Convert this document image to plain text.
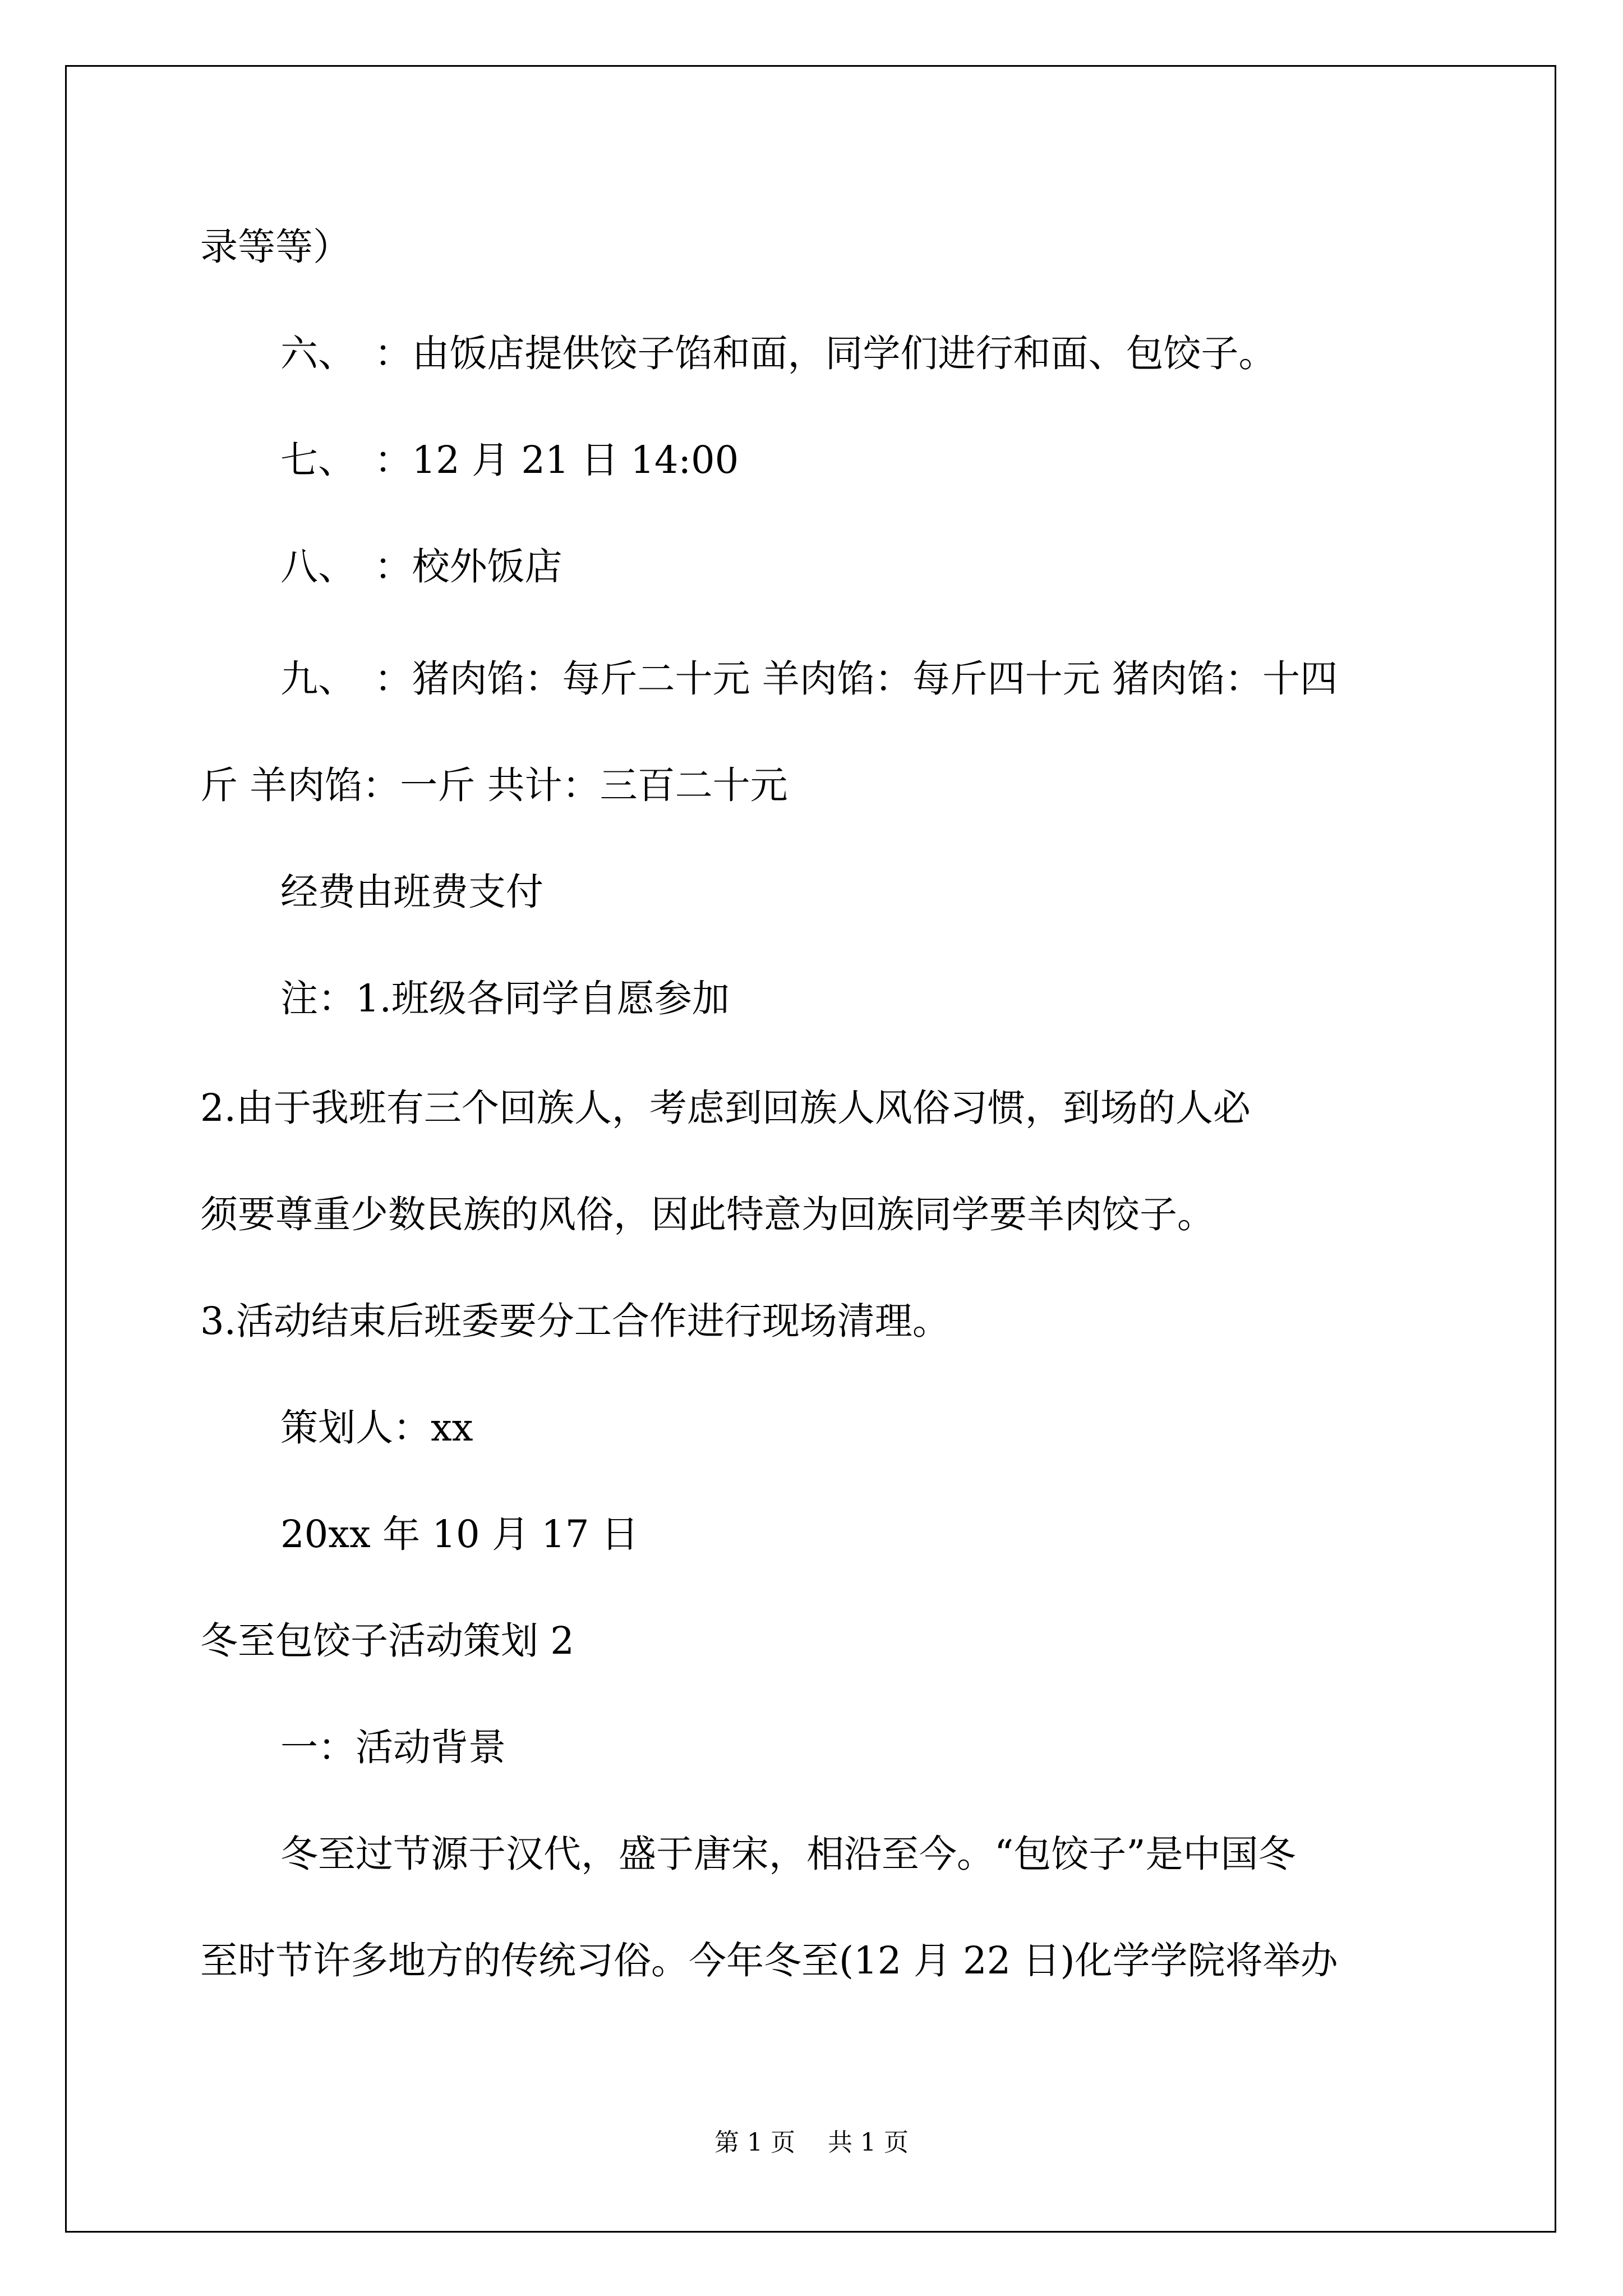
录等等）

六、　：由饭店提供饺子馅和面，同学们进行和面、包饺子。

七、　：12 月 21 日 14:00

八、　：校外饭店

九、　：猪肉馅：每斤二十元 羊肉馅：每斤四十元 猪肉馅：十四

斤 羊肉馅：一斤 共计：三百二十元

经费由班费支付

注：1.班级各同学自愿参加

2.由于我班有三个回族人，考虑到回族人风俗习惯，到场的人必

须要尊重少数民族的风俗，因此特意为回族同学要羊肉饺子。

3.活动结束后班委要分工合作进行现场清理。

策划人：xx

20xx 年 10 月 17 日

冬至包饺子活动策划 2

一：活动背景

冬至过节源于汉代，盛于唐宋，相沿至今。“包饺子”是中国冬

至时节许多地方的传统习俗。今年冬至(12 月 22 日)化学学院将举办

第 1 页　 共 1 页
